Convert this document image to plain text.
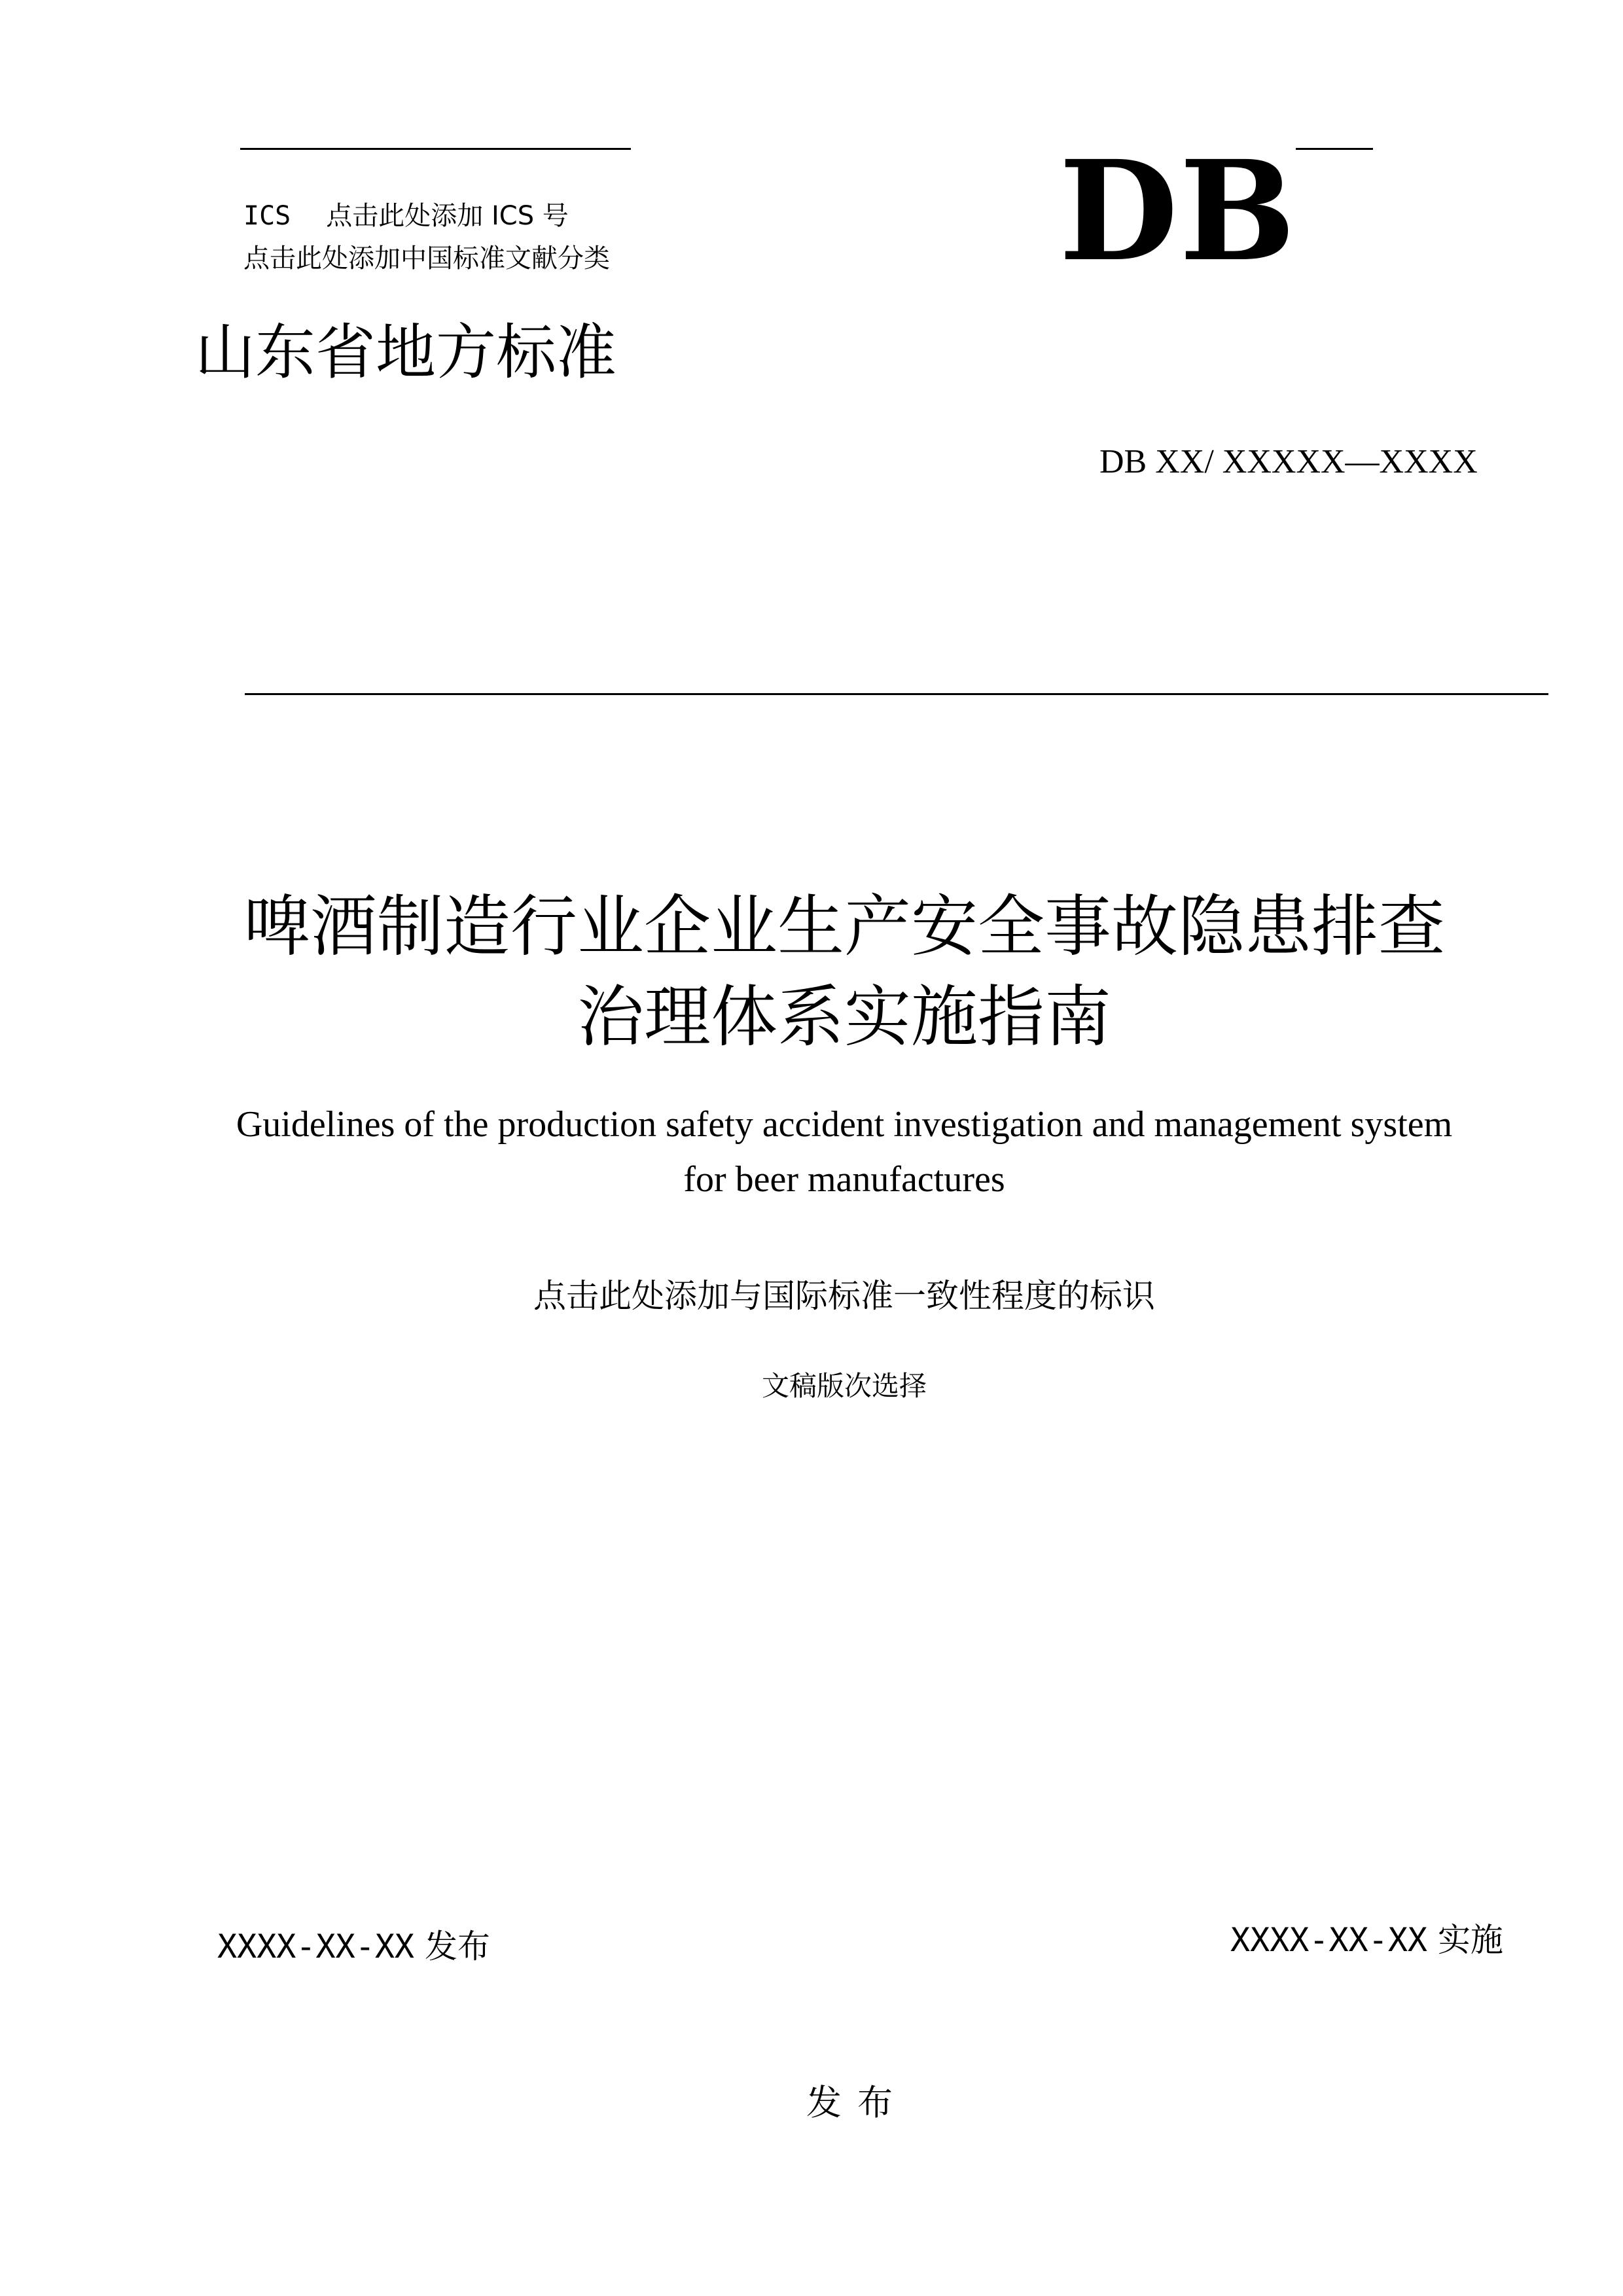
ICS 点击此处添加 ICS 号
点击此处添加中国标准文献分类	DB
山东省地方标准
DB XX/ XXXXX—XXXX
啤酒制造行业企业生产安全事故隐患排查
治理体系实施指南
Guidelines of the production safety accident investigation and management system
for beer manufactures
点击此处添加与国际标准一致性程度的标识
文稿版次选择
XXXX-XX-XX 发布	XXXX-XX-XX 实施
发布
